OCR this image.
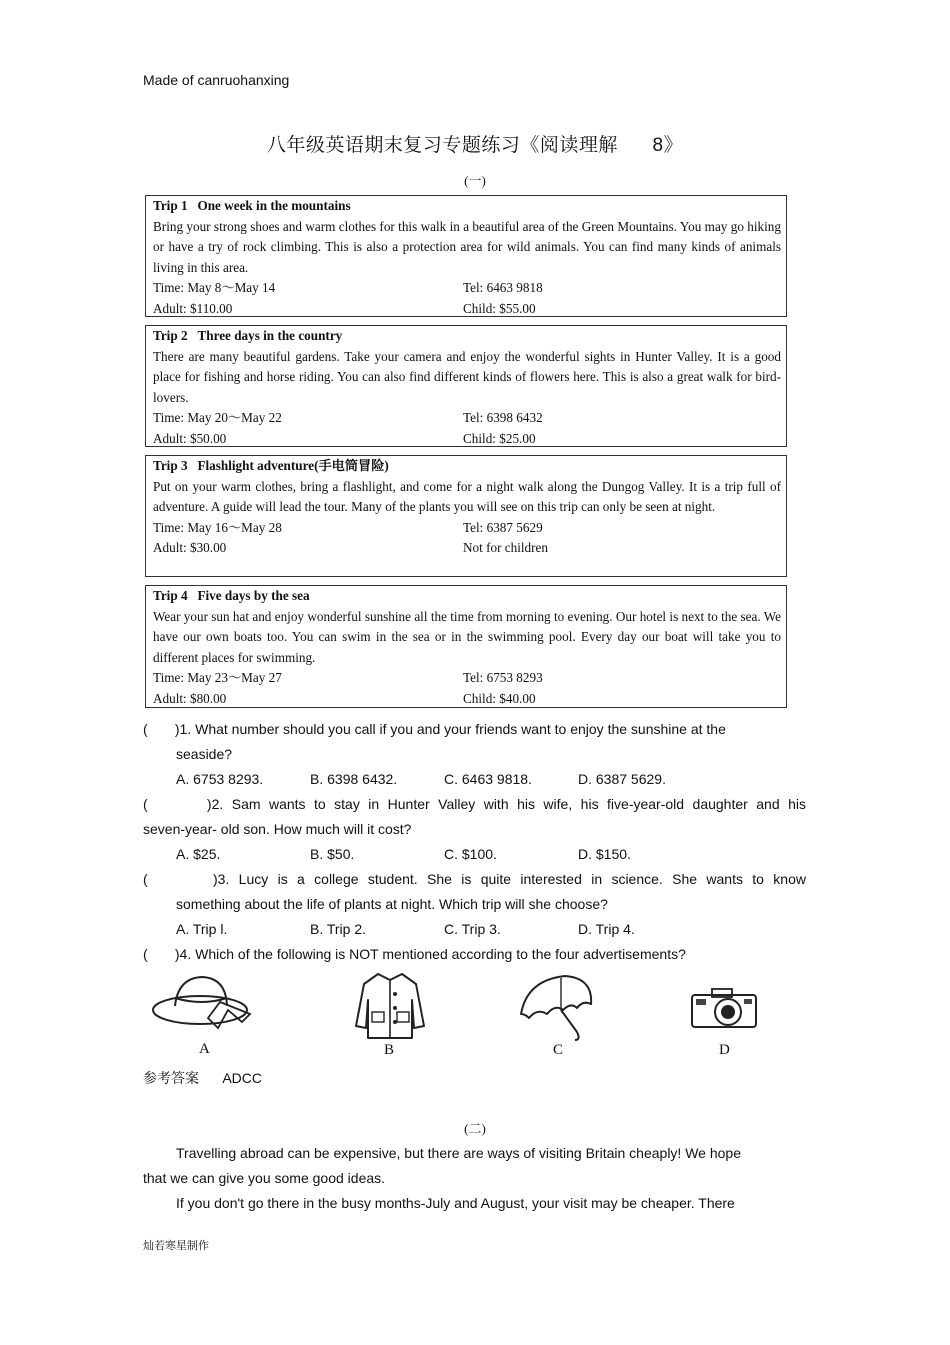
Made of canruohanxing
八年级英语期末复习专题练习《阅读理解      8》
(一)
Trip 1   One week in the mountains
Bring your strong shoes and warm clothes for this walk in a beautiful area of the Green Mountains. You may go hiking or have a try of rock climbing. This is also a protection area for wild animals. You can find many kinds of animals living in this area.
Time: May 8～May 14	Tel: 6463 9818
Adult: $110.00	Child: $55.00
Trip 2   Three days in the country
There are many beautiful gardens. Take your camera and enjoy the wonderful sights in Hunter Valley. It is a good place for fishing and horse riding. You can also find different kinds of flowers here. This is also a great walk for bird-lovers.
Time: May 20～May 22	Tel: 6398 6432
Adult: $50.00	Child: $25.00
Trip 3   Flashlight adventure(手电筒冒险)
Put on your warm clothes, bring a flashlight, and come for a night walk along the Dungog Valley. It is a trip full of adventure. A guide will lead the tour. Many of the plants you will see on this trip can only be seen at night.
Time: May 16～May 28	Tel: 6387 5629
Adult: $30.00	Not for children
Trip 4   Five days by the sea
Wear your sun hat and enjoy wonderful sunshine all the time from morning to evening. Our hotel is next to the sea. We have our own boats too. You can swim in the sea or in the swimming pool. Every day our boat will take you to different places for swimming.
Time: May 23～May 27	Tel: 6753 8293
Adult: $80.00	Child: $40.00
(       )1. What number should you call if you and your friends want to enjoy the sunshine at the
seaside?
A. 6753 8293.	B. 6398 6432.	C. 6463 9818.	D. 6387 5629.
(       )2. Sam wants to stay in Hunter Valley with his wife, his five-year-old daughter and his
seven-year- old son. How much will it cost?
A. $25.	B. $50.	C. $100.	D. $150.
(       )3. Lucy is a college student. She is quite interested in science. She wants to know
something about the life of plants at night. Which trip will she choose?
A. Trip l.	B. Trip 2.	C. Trip 3.	D. Trip 4.
(       )4. Which of the following is NOT mentioned according to the four advertisements?
A	B	C	D
参考答案      ADCC
(二)
Travelling abroad can be expensive, but there are ways of visiting Britain cheaply! We hope
that we can give you some good ideas.
If you don't go there in the busy months-July and August, your visit may be cheaper. There
灿若寒星制作
